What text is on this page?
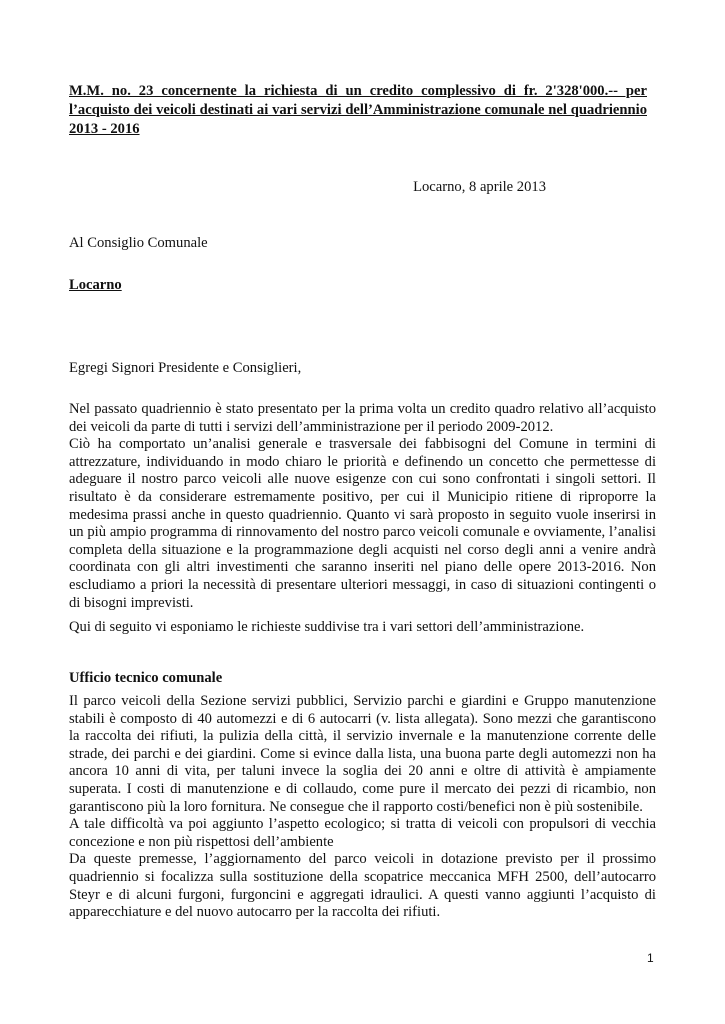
M.M. no. 23 concernente la richiesta di un credito complessivo di fr. 2'328'000.-- per l’acquisto dei veicoli destinati ai vari servizi dell’Amministrazione comunale nel quadriennio 2013 - 2016

Locarno, 8 aprile 2013

Al Consiglio Comunale

Locarno

Egregi Signori Presidente e Consiglieri,

Nel passato quadriennio è stato presentato per la prima volta un credito quadro relativo all’acquisto dei veicoli da parte di tutti i servizi dell’amministrazione per il periodo 2009-2012.
Ciò ha comportato un’analisi generale e trasversale dei fabbisogni del Comune in termini di attrezzature, individuando in modo chiaro le priorità e definendo un concetto che permettesse di adeguare il nostro parco veicoli alle nuove esigenze con cui sono confrontati i singoli settori. Il risultato è da considerare estremamente positivo, per cui il Municipio ritiene di riproporre la medesima prassi anche in questo quadriennio. Quanto vi sarà proposto in seguito vuole inserirsi in un più ampio programma di rinnovamento del nostro parco veicoli comunale e ovviamente, l’analisi completa della situazione e la programmazione degli acquisti nel corso degli anni a venire andrà coordinata con gli altri investimenti che saranno inseriti nel piano delle opere 2013-2016. Non escludiamo a priori la necessità di presentare ulteriori messaggi, in caso di situazioni contingenti o di bisogni imprevisti.

Qui di seguito vi esponiamo le richieste suddivise tra i vari settori dell’amministrazione.

Ufficio tecnico comunale

Il parco veicoli della Sezione servizi pubblici, Servizio parchi e giardini e Gruppo manutenzione stabili è composto di 40 automezzi e di 6 autocarri (v. lista allegata). Sono mezzi che garantiscono la raccolta dei rifiuti, la pulizia della città, il servizio invernale e la manutenzione corrente delle strade, dei parchi e dei giardini. Come si evince dalla lista, una buona parte degli automezzi non ha ancora 10 anni di vita, per taluni invece la soglia dei 20 anni e oltre di attività è ampiamente superata. I costi di manutenzione e di collaudo, come pure il mercato dei pezzi di ricambio, non garantiscono più la loro fornitura. Ne consegue che il rapporto costi/benefici non è più sostenibile.
A tale difficoltà va poi aggiunto l’aspetto ecologico; si tratta di veicoli con propulsori di vecchia concezione e non più rispettosi dell’ambiente
Da queste premesse, l’aggiornamento del parco veicoli in dotazione previsto per il prossimo quadriennio si focalizza sulla sostituzione della scopatrice meccanica MFH 2500, dell’autocarro Steyr e di alcuni furgoni, furgoncini e aggregati idraulici. A questi vanno aggiunti l’acquisto di apparecchiature e del nuovo autocarro per la raccolta dei rifiuti.

1
